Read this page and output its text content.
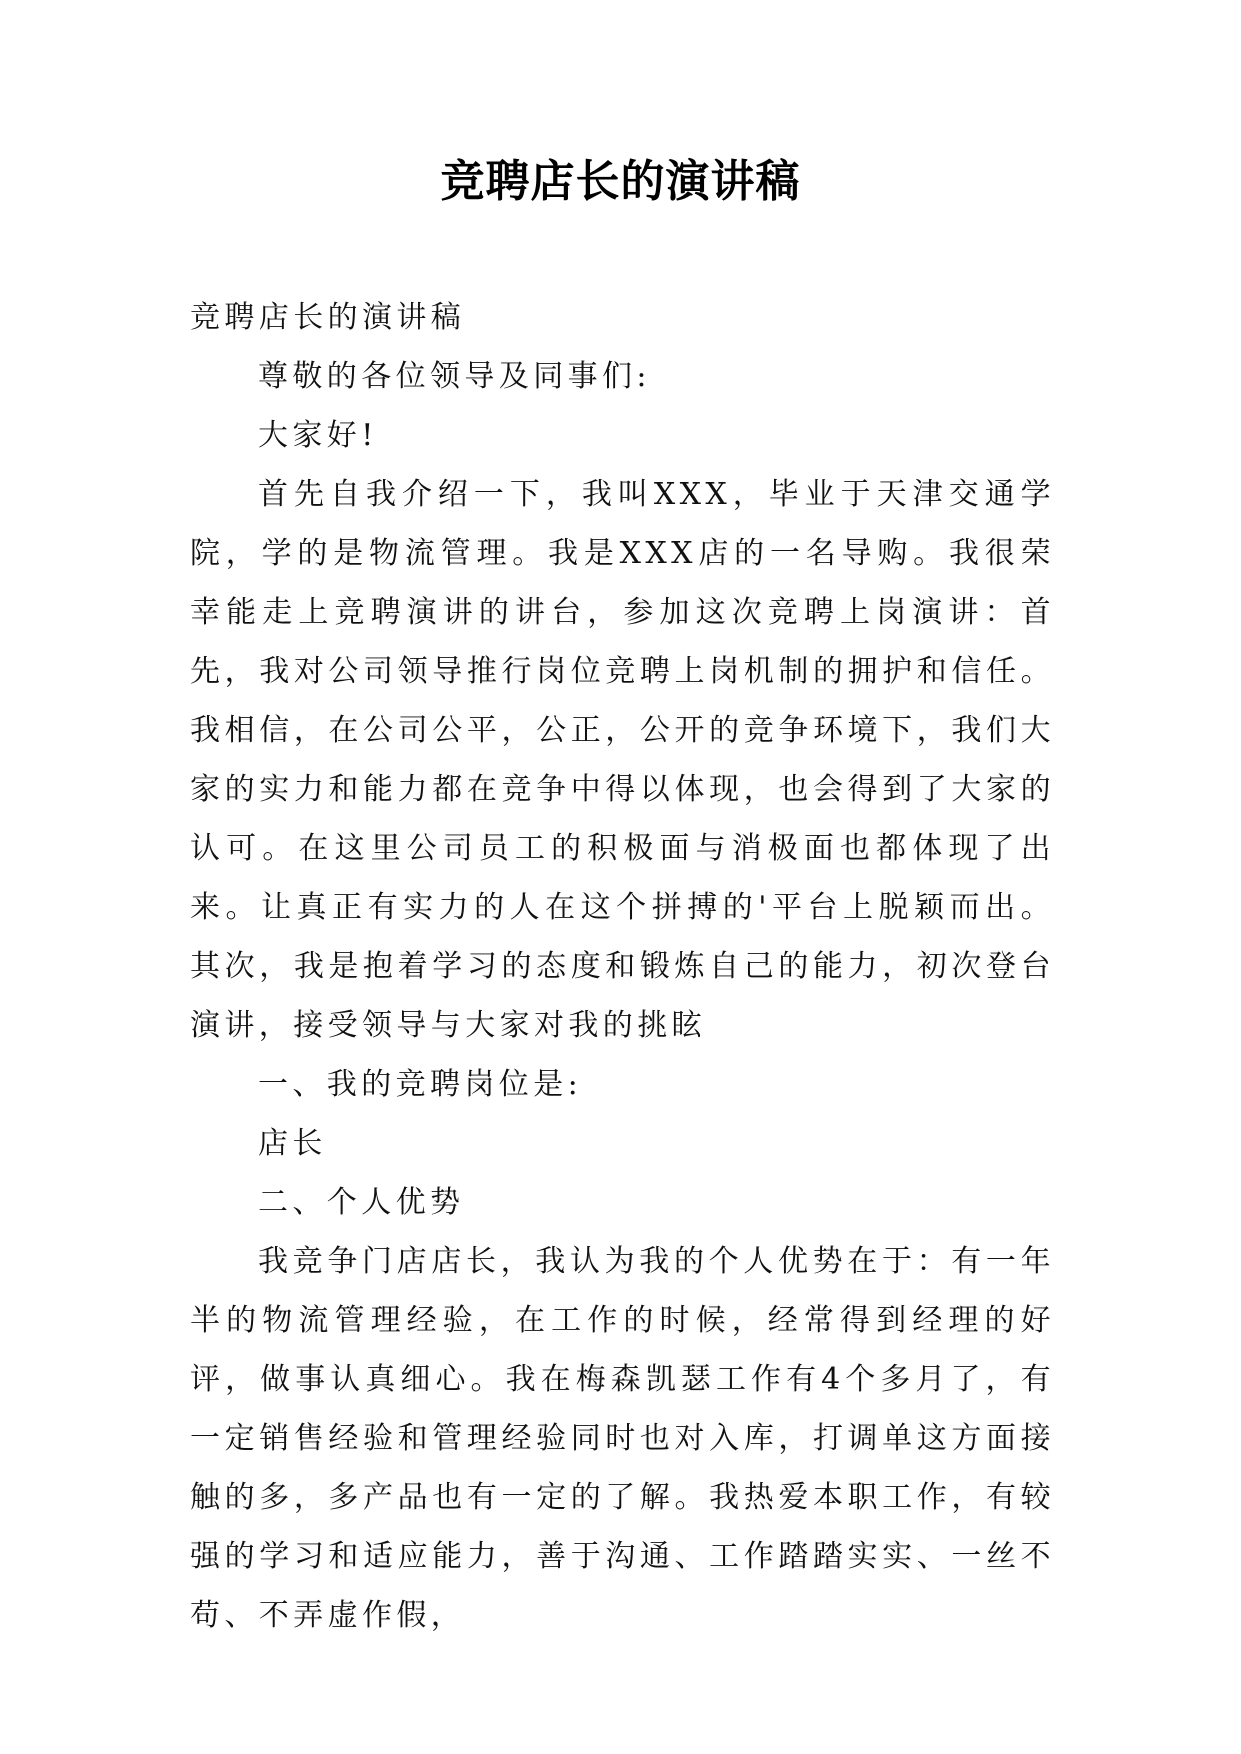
竞聘店长的演讲稿

竞聘店长的演讲稿

尊敬的各位领导及同事们:

大家好!

首先自我介绍一下，我叫XXX，毕业于天津交通学院，学的是物流管理。我是XXX店的一名导购。我很荣幸能走上竞聘演讲的讲台，参加这次竞聘上岗演讲：首先，我对公司领导推行岗位竞聘上岗机制的拥护和信任。我相信，在公司公平，公正，公开的竞争环境下，我们大家的实力和能力都在竞争中得以体现，也会得到了大家的认可。在这里公司员工的积极面与消极面也都体现了出来。让真正有实力的人在这个拼搏的'平台上脱颖而出。其次，我是抱着学习的态度和锻炼自己的能力，初次登台演讲，接受领导与大家对我的挑眩

一、我的竞聘岗位是:

店长

二、个人优势

我竞争门店店长，我认为我的个人优势在于：有一年半的物流管理经验，在工作的时候，经常得到经理的好评，做事认真细心。我在梅森凯瑟工作有4个多月了，有一定销售经验和管理经验同时也对入库，打调单这方面接触的多，多产品也有一定的了解。我热爱本职工作，有较强的学习和适应能力，善于沟通、工作踏踏实实、一丝不苟、不弄虚作假，
